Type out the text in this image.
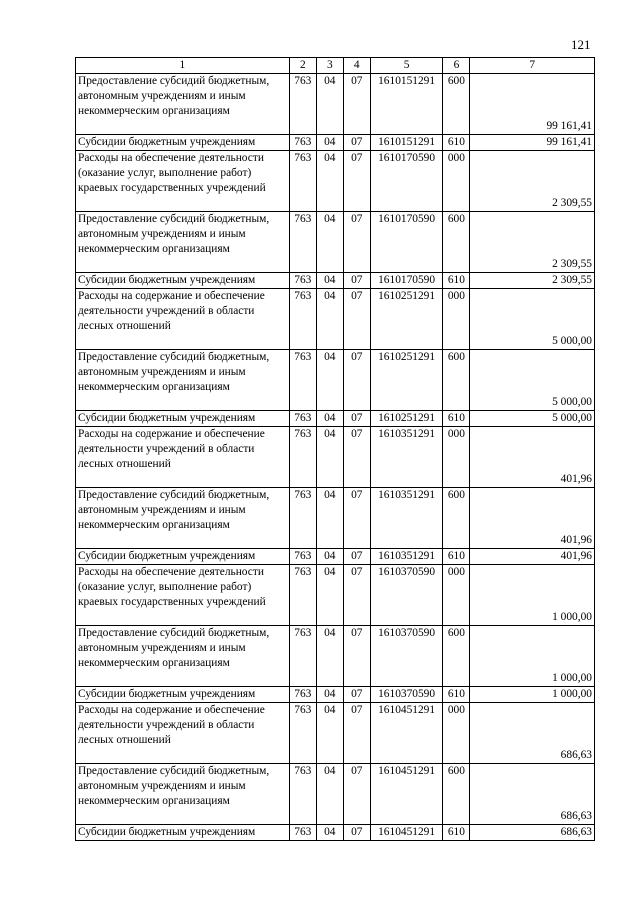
121
1	2	3	4	5	6	7
Предоставление субсидий бюджетным, автономным учреждениям и иным некоммерческим организациям	763	04	07	1610151291	600	99 161,41
Субсидии бюджетным учреждениям	763	04	07	1610151291	610	99 161,41
Расходы на обеспечение деятельности (оказание услуг, выполнение работ) краевых государственных учреждений	763	04	07	1610170590	000	2 309,55
Предоставление субсидий бюджетным, автономным учреждениям и иным некоммерческим организациям	763	04	07	1610170590	600	2 309,55
Субсидии бюджетным учреждениям	763	04	07	1610170590	610	2 309,55
Расходы на содержание и обеспечение деятельности учреждений в области лесных отношений	763	04	07	1610251291	000	5 000,00
Предоставление субсидий бюджетным, автономным учреждениям и иным некоммерческим организациям	763	04	07	1610251291	600	5 000,00
Субсидии бюджетным учреждениям	763	04	07	1610251291	610	5 000,00
Расходы на содержание и обеспечение деятельности учреждений в области лесных отношений	763	04	07	1610351291	000	401,96
Предоставление субсидий бюджетным, автономным учреждениям и иным некоммерческим организациям	763	04	07	1610351291	600	401,96
Субсидии бюджетным учреждениям	763	04	07	1610351291	610	401,96
Расходы на обеспечение деятельности (оказание услуг, выполнение работ) краевых государственных учреждений	763	04	07	1610370590	000	1 000,00
Предоставление субсидий бюджетным, автономным учреждениям и иным некоммерческим организациям	763	04	07	1610370590	600	1 000,00
Субсидии бюджетным учреждениям	763	04	07	1610370590	610	1 000,00
Расходы на содержание и обеспечение деятельности учреждений в области лесных отношений	763	04	07	1610451291	000	686,63
Предоставление субсидий бюджетным, автономным учреждениям и иным некоммерческим организациям	763	04	07	1610451291	600	686,63
Субсидии бюджетным учреждениям	763	04	07	1610451291	610	686,63
